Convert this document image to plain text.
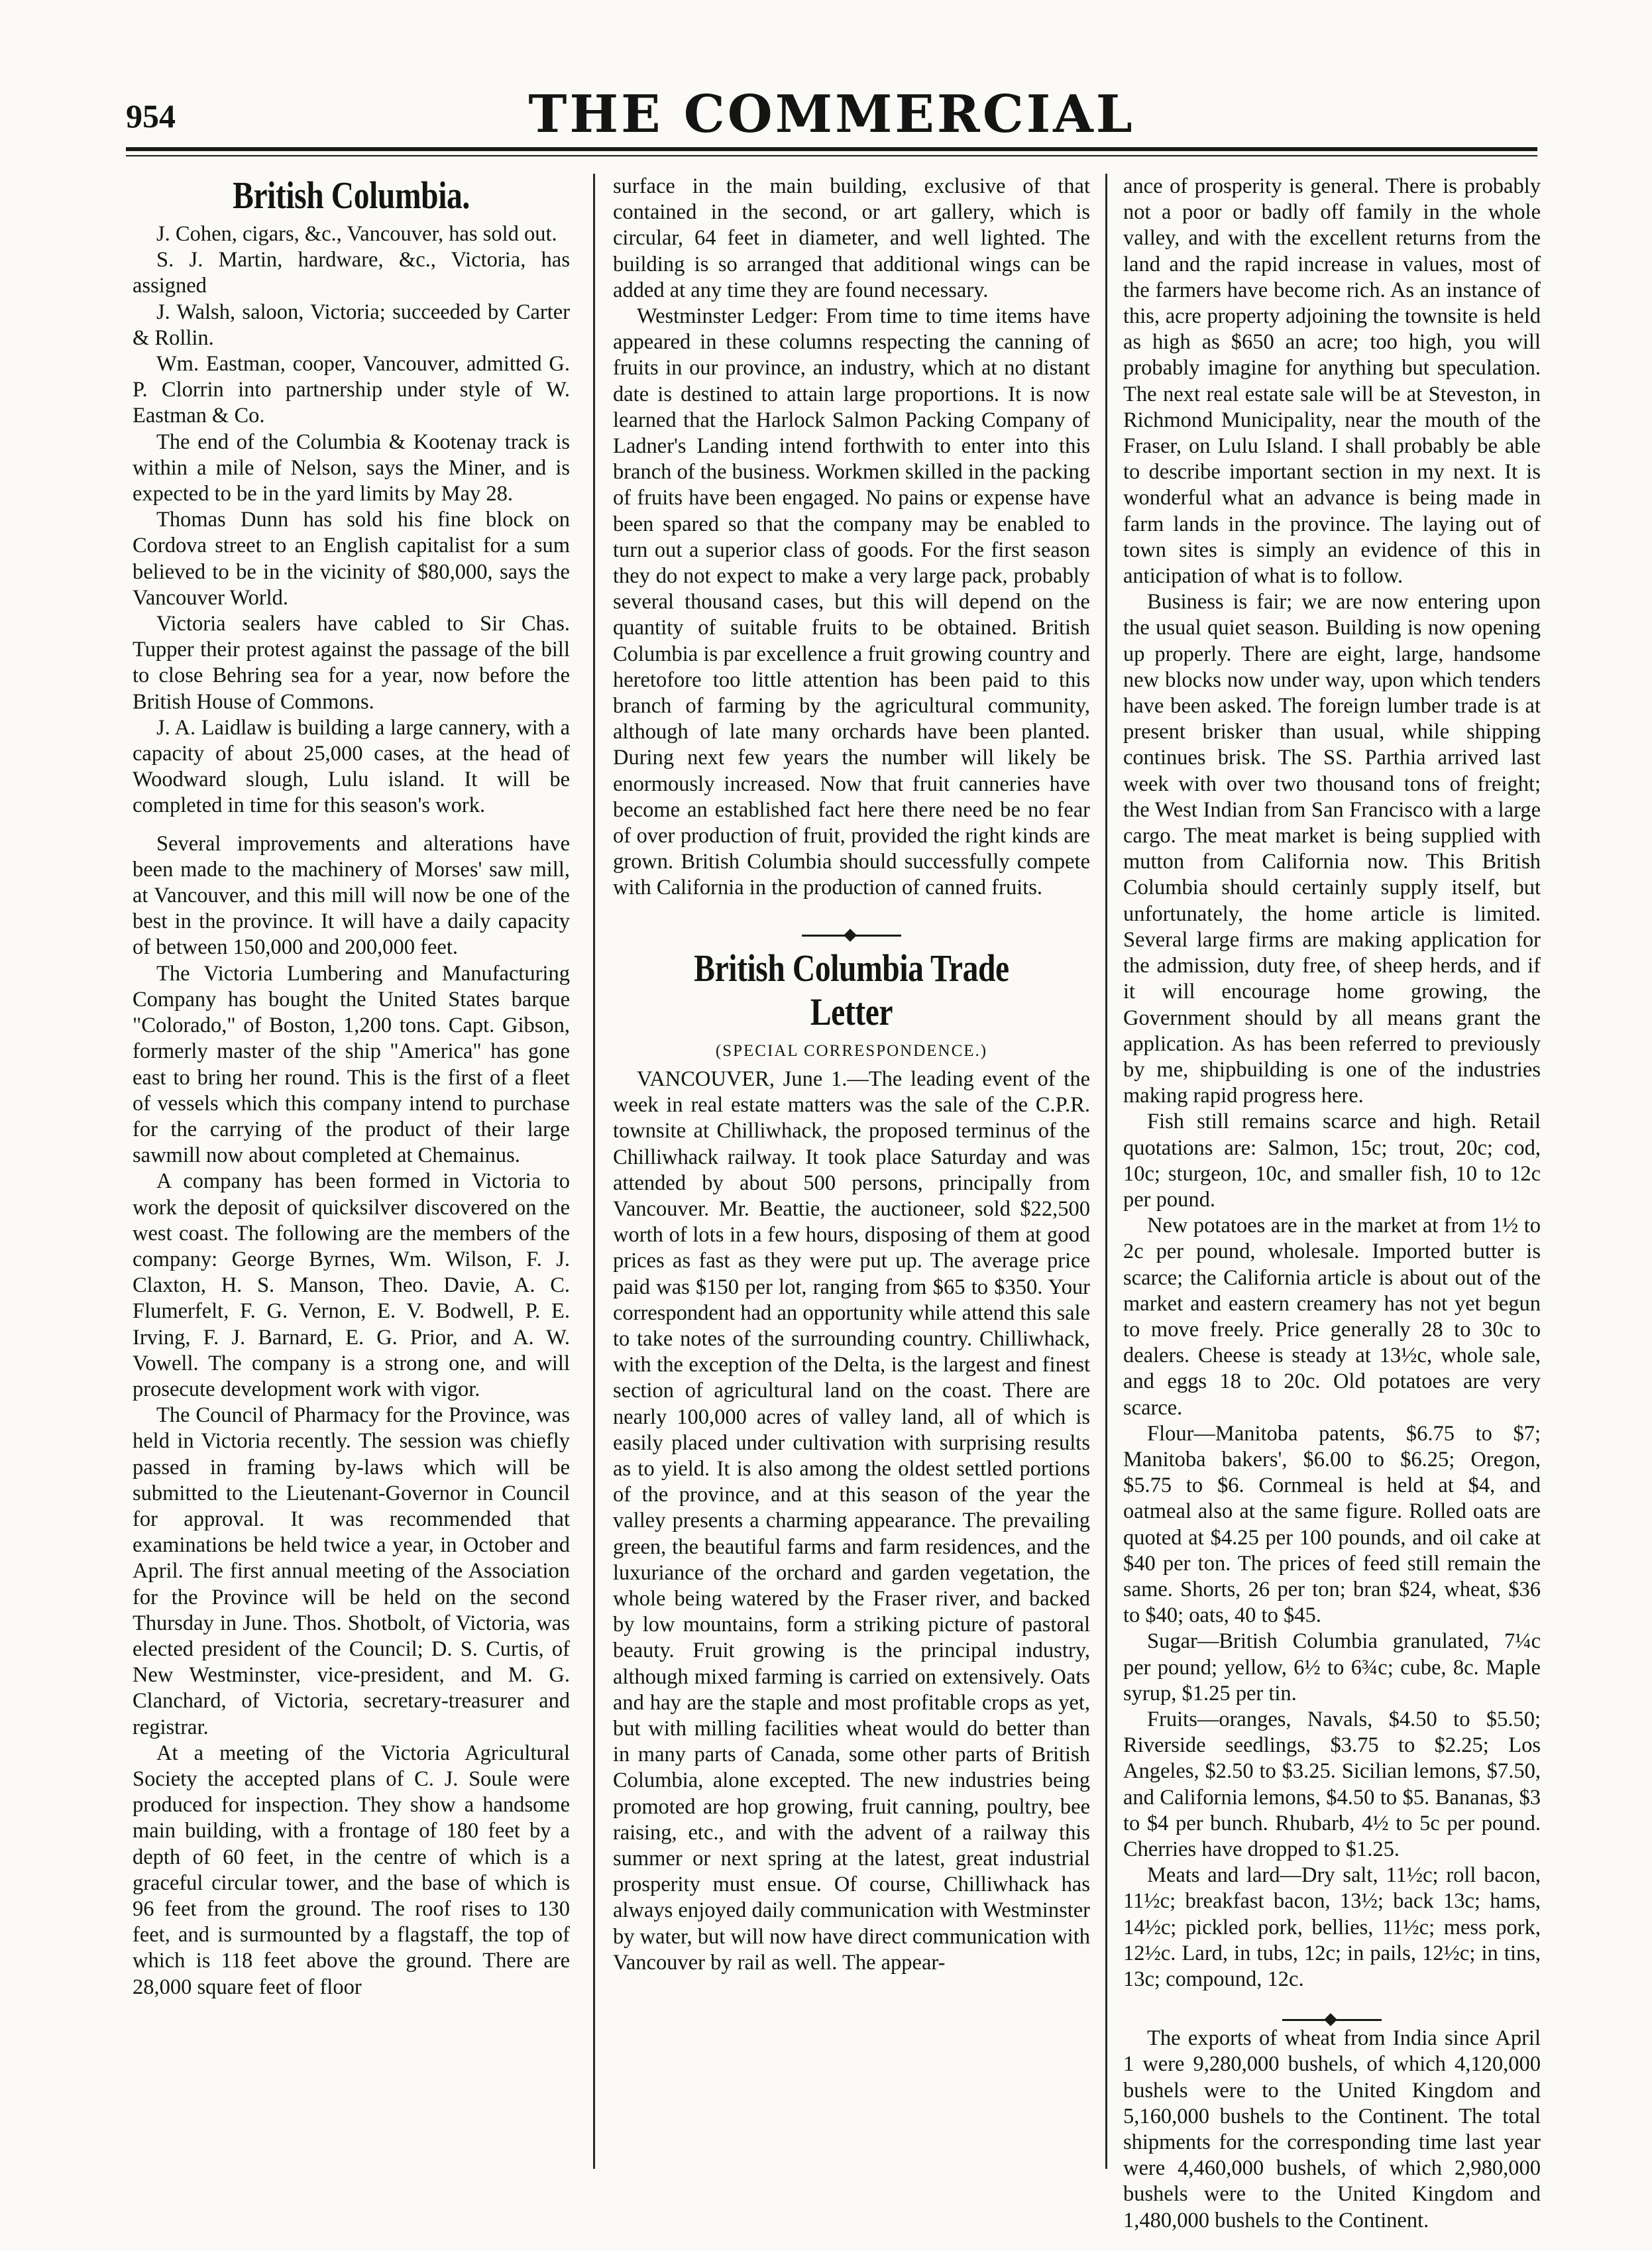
954	THE COMMERCIAL
British Columbia.

J. Cohen, cigars, &c., Vancouver, has sold out.

S. J. Martin, hardware, &c., Victoria, has assigned

J. Walsh, saloon, Victoria; succeeded by Carter & Rollin.

Wm. Eastman, cooper, Vancouver, admitted G. P. Clorrin into partnership under style of W. Eastman & Co.

The end of the Columbia & Kootenay track is within a mile of Nelson, says the Miner, and is expected to be in the yard limits by May 28.

Thomas Dunn has sold his fine block on Cordova street to an English capitalist for a sum believed to be in the vicinity of $80,000, says the Vancouver World.

Victoria sealers have cabled to Sir Chas. Tupper their protest against the passage of the bill to close Behring sea for a year, now before the British House of Commons.

J. A. Laidlaw is building a large cannery, with a capacity of about 25,000 cases, at the head of Woodward slough, Lulu island. It will be completed in time for this season's work.

Several improvements and alterations have been made to the machinery of Morses' saw mill, at Vancouver, and this mill will now be one of the best in the province. It will have a daily capacity of between 150,000 and 200,000 feet.

The Victoria Lumbering and Manufacturing Company has bought the United States barque "Colorado," of Boston, 1,200 tons. Capt. Gibson, formerly master of the ship "America" has gone east to bring her round. This is the first of a fleet of vessels which this company intend to purchase for the carrying of the product of their large sawmill now about completed at Chemainus.

A company has been formed in Victoria to work the deposit of quicksilver discovered on the west coast. The following are the members of the company: George Byrnes, Wm. Wilson, F. J. Claxton, H. S. Manson, Theo. Davie, A. C. Flumerfelt, F. G. Vernon, E. V. Bodwell, P. E. Irving, F. J. Barnard, E. G. Prior, and A. W. Vowell. The company is a strong one, and will prosecute development work with vigor.

The Council of Pharmacy for the Province, was held in Victoria recently. The session was chiefly passed in framing by-laws which will be submitted to the Lieutenant-Governor in Council for approval. It was recommended that examinations be held twice a year, in October and April. The first annual meeting of the Association for the Province will be held on the second Thursday in June. Thos. Shotbolt, of Victoria, was elected president of the Council; D. S. Curtis, of New Westminster, vice-president, and M. G. Clanchard, of Victoria, secretary-treasurer and registrar.

At a meeting of the Victoria Agricultural Society the accepted plans of C. J. Soule were produced for inspection. They show a handsome main building, with a frontage of 180 feet by a depth of 60 feet, in the centre of which is a graceful circular tower, and the base of which is 96 feet from the ground. The roof rises to 130 feet, and is surmounted by a flagstaff, the top of which is 118 feet above the ground. There are 28,000 square feet of floor

surface in the main building, exclusive of that contained in the second, or art gallery, which is circular, 64 feet in diameter, and well lighted. The building is so arranged that additional wings can be added at any time they are found necessary.

Westminster Ledger: From time to time items have appeared in these columns respecting the canning of fruits in our province, an industry, which at no distant date is destined to attain large proportions. It is now learned that the Harlock Salmon Packing Company of Ladner's Landing intend forthwith to enter into this branch of the business. Workmen skilled in the packing of fruits have been engaged. No pains or expense have been spared so that the company may be enabled to turn out a superior class of goods. For the first season they do not expect to make a very large pack, probably several thousand cases, but this will depend on the quantity of suitable fruits to be obtained. British Columbia is par excellence a fruit growing country and heretofore too little attention has been paid to this branch of farming by the agricultural community, although of late many orchards have been planted. During next few years the number will likely be enormously increased. Now that fruit canneries have become an established fact here there need be no fear of over production of fruit, provided the right kinds are grown. British Columbia should successfully compete with California in the production of canned fruits.

British Columbia Trade Letter
(SPECIAL CORRESPONDENCE.)

VANCOUVER, June 1.—The leading event of the week in real estate matters was the sale of the C.P.R. townsite at Chilliwhack, the proposed terminus of the Chilliwhack railway. It took place Saturday and was attended by about 500 persons, principally from Vancouver. Mr. Beattie, the auctioneer, sold $22,500 worth of lots in a few hours, disposing of them at good prices as fast as they were put up. The average price paid was $150 per lot, ranging from $65 to $350. Your correspondent had an opportunity while attend this sale to take notes of the surrounding country. Chilliwhack, with the exception of the Delta, is the largest and finest section of agricultural land on the coast. There are nearly 100,000 acres of valley land, all of which is easily placed under cultivation with surprising results as to yield. It is also among the oldest settled portions of the province, and at this season of the year the valley presents a charming appearance. The prevailing green, the beautiful farms and farm residences, and the luxuriance of the orchard and garden vegetation, the whole being watered by the Fraser river, and backed by low mountains, form a striking picture of pastoral beauty. Fruit growing is the principal industry, although mixed farming is carried on extensively. Oats and hay are the staple and most profitable crops as yet, but with milling facilities wheat would do better than in many parts of Canada, some other parts of British Columbia, alone excepted. The new industries being promoted are hop growing, fruit canning, poultry, bee raising, etc., and with the advent of a railway this summer or next spring at the latest, great industrial prosperity must ensue. Of course, Chilliwhack has always enjoyed daily communication with Westminster by water, but will now have direct communication with Vancouver by rail as well. The appear-

ance of prosperity is general. There is probably not a poor or badly off family in the whole valley, and with the excellent returns from the land and the rapid increase in values, most of the farmers have become rich. As an instance of this, acre property adjoining the townsite is held as high as $650 an acre; too high, you will probably imagine for anything but speculation. The next real estate sale will be at Steveston, in Richmond Municipality, near the mouth of the Fraser, on Lulu Island. I shall probably be able to describe important section in my next. It is wonderful what an advance is being made in farm lands in the province. The laying out of town sites is simply an evidence of this in anticipation of what is to follow.

Business is fair; we are now entering upon the usual quiet season. Building is now opening up properly. There are eight, large, handsome new blocks now under way, upon which tenders have been asked. The foreign lumber trade is at present brisker than usual, while shipping continues brisk. The SS. Parthia arrived last week with over two thousand tons of freight; the West Indian from San Francisco with a large cargo. The meat market is being supplied with mutton from California now. This British Columbia should certainly supply itself, but unfortunately, the home article is limited. Several large firms are making application for the admission, duty free, of sheep herds, and if it will encourage home growing, the Government should by all means grant the application. As has been referred to previously by me, shipbuilding is one of the industries making rapid progress here.

Fish still remains scarce and high. Retail quotations are: Salmon, 15c; trout, 20c; cod, 10c; sturgeon, 10c, and smaller fish, 10 to 12c per pound.

New potatoes are in the market at from 1½ to 2c per pound, wholesale. Imported butter is scarce; the California article is about out of the market and eastern creamery has not yet begun to move freely. Price generally 28 to 30c to dealers. Cheese is steady at 13½c, whole sale, and eggs 18 to 20c. Old potatoes are very scarce.

Flour—Manitoba patents, $6.75 to $7; Manitoba bakers', $6.00 to $6.25; Oregon, $5.75 to $6. Cornmeal is held at $4, and oatmeal also at the same figure. Rolled oats are quoted at $4.25 per 100 pounds, and oil cake at $40 per ton. The prices of feed still remain the same. Shorts, 26 per ton; bran $24, wheat, $36 to $40; oats, 40 to $45.

Sugar—British Columbia granulated, 7¼c per pound; yellow, 6½ to 6¾c; cube, 8c. Maple syrup, $1.25 per tin.

Fruits—oranges, Navals, $4.50 to $5.50; Riverside seedlings, $3.75 to $2.25; Los Angeles, $2.50 to $3.25. Sicilian lemons, $7.50, and California lemons, $4.50 to $5. Bananas, $3 to $4 per bunch. Rhubarb, 4½ to 5c per pound. Cherries have dropped to $1.25.

Meats and lard—Dry salt, 11½c; roll bacon, 11½c; breakfast bacon, 13½; back 13c; hams, 14½c; pickled pork, bellies, 11½c; mess pork, 12½c. Lard, in tubs, 12c; in pails, 12½c; in tins, 13c; compound, 12c.

The exports of wheat from India since April 1 were 9,280,000 bushels, of which 4,120,000 bushels were to the United Kingdom and 5,160,000 bushels to the Continent. The total shipments for the corresponding time last year were 4,460,000 bushels, of which 2,980,000 bushels were to the United Kingdom and 1,480,000 bushels to the Continent.
